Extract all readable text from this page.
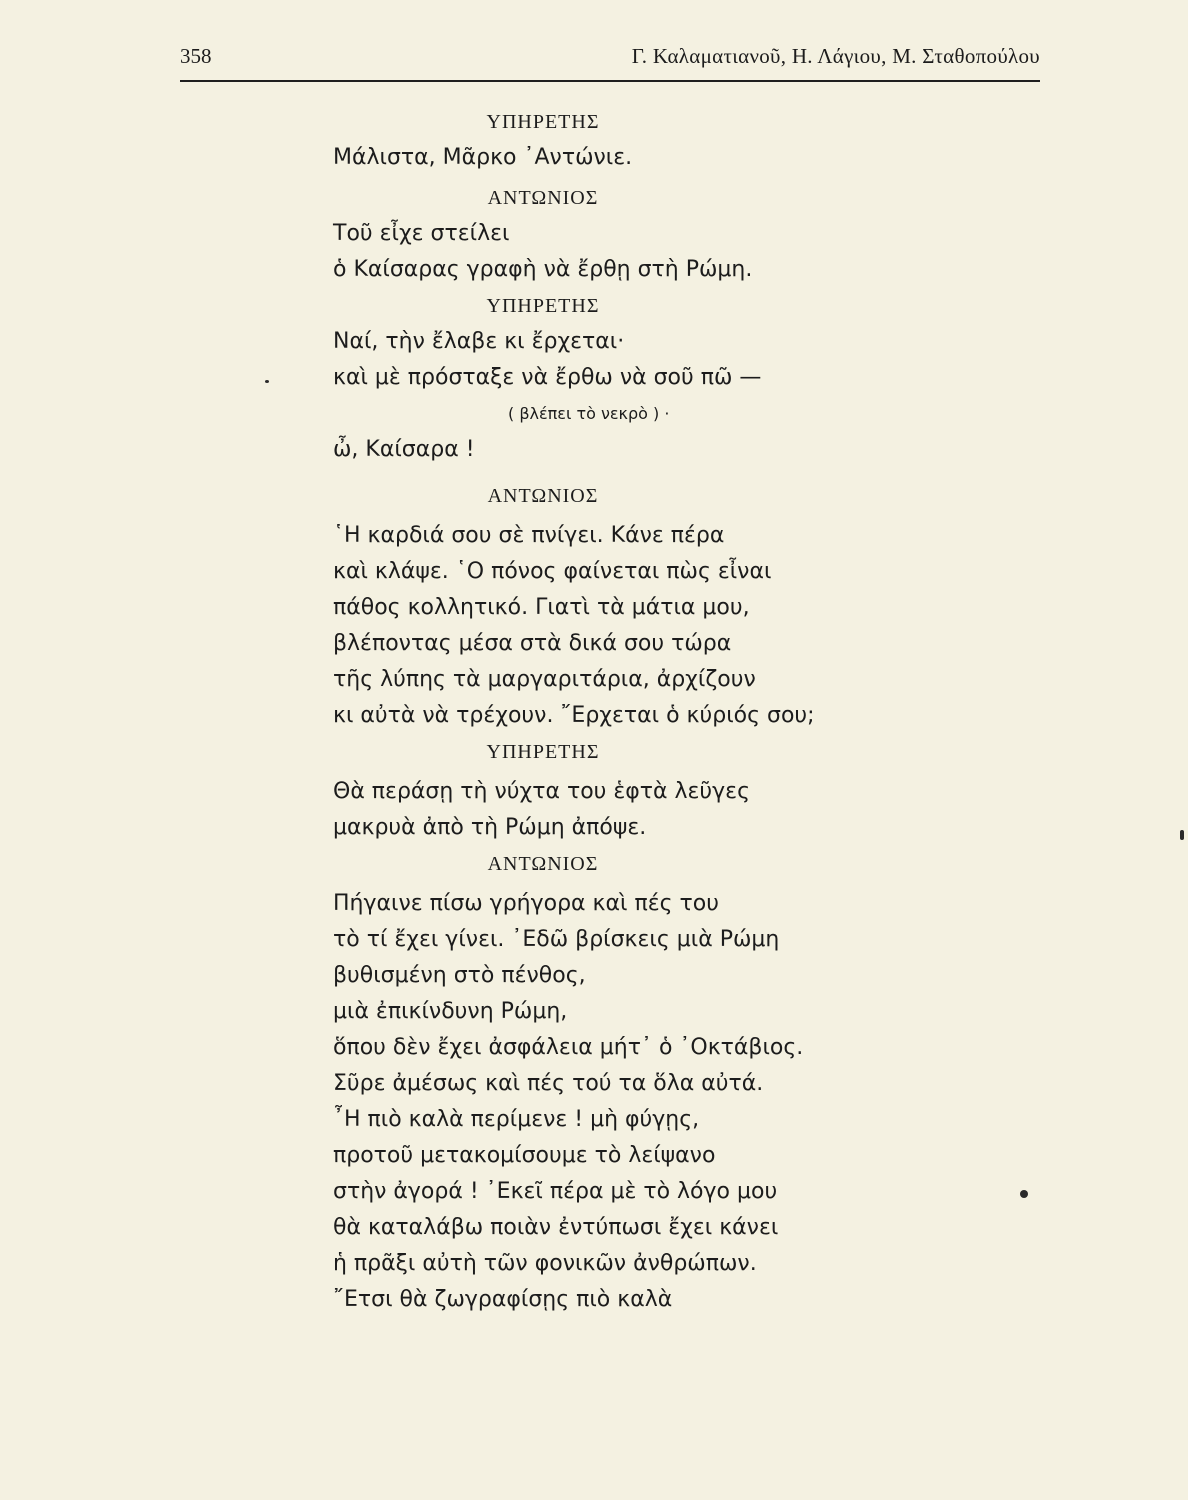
358	Γ. Καλαματιανοῦ, Η. Λάγιου, Μ. Σταθοπούλου

ΥΠΗΡΕΤΗΣ

Μάλιστα, Μᾶρκο ᾿Αντώνιε.

ΑΝΤΩΝΙΟΣ

Τοῦ εἶχε στείλει

ὁ Καίσαρας γραφὴ νὰ ἔρθῃ στὴ Ρώμη.

ΥΠΗΡΕΤΗΣ

Ναί, τὴν ἔλαβε κι ἔρχεται·

καὶ μὲ πρόσταξε νὰ ἔρθω νὰ σοῦ πῶ —

( βλέπει τὸ νεκρὸ ) ·

ὦ, Καίσαρα !

ΑΝΤΩΝΙΟΣ

῾Η καρδιά σου σὲ πνίγει. Κάνε πέρα

καὶ κλάψε. ῾Ο πόνος φαίνεται πὼς εἶναι

πάθος κολλητικό. Γιατὶ τὰ μάτια μου,

βλέποντας μέσα στὰ δικά σου τώρα

τῆς λύπης τὰ μαργαριτάρια, ἀρχίζουν

κι αὐτὰ νὰ τρέχουν. ῎Ερχεται ὁ κύριός σου;

ΥΠΗΡΕΤΗΣ

Θὰ περάσῃ τὴ νύχτα του ἑφτὰ λεῦγες

μακρυὰ ἀπὸ τὴ Ρώμη ἀπόψε.

ΑΝΤΩΝΙΟΣ

Πήγαινε πίσω γρήγορα καὶ πές του

τὸ τί ἔχει γίνει. ᾿Εδῶ βρίσκεις μιὰ Ρώμη

βυθισμένη στὸ πένθος,

μιὰ ἐπικίνδυνη Ρώμη,

ὅπου δὲν ἔχει ἀσφάλεια μήτ᾿ ὁ ᾿Οκτάβιος.

Σῦρε ἀμέσως καὶ πές τού τα ὅλα αὐτά.

῏Η πιὸ καλὰ περίμενε ! μὴ φύγῃς,

προτοῦ μετακομίσουμε τὸ λείψανο

στὴν ἀγορά ! ᾿Εκεῖ πέρα μὲ τὸ λόγο μου

θὰ καταλάβω ποιὰν ἐντύπωσι ἔχει κάνει

ἡ πρᾶξι αὐτὴ τῶν φονικῶν ἀνθρώπων.

῎Ετσι θὰ ζωγραφίσῃς πιὸ καλὰ
